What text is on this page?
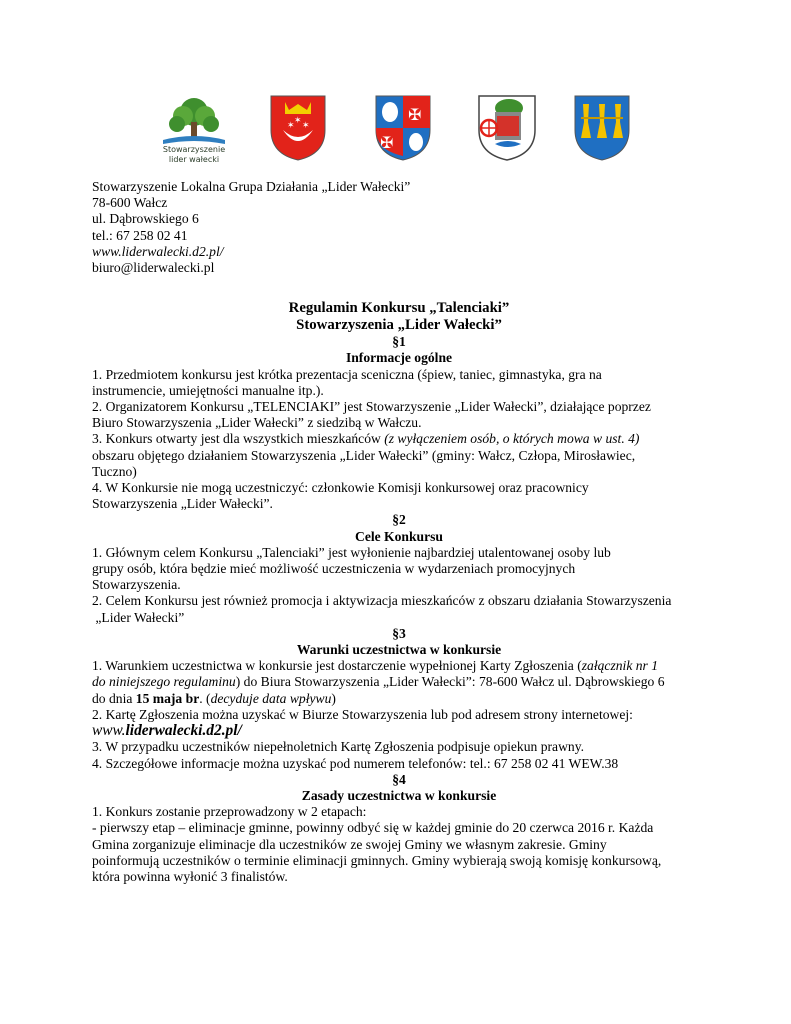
Stowarzyszenie
lider wałecki
✶ ✶
✶	✠
✠

Stowarzyszenie Lokalna Grupa Działania „Lider Wałecki”

78-600 Wałcz

ul. Dąbrowskiego 6

tel.: 67 258 02 41

www.liderwalecki.d2.pl/

biuro@liderwalecki.pl

Regulamin Konkursu „Talenciaki”

Stowarzyszenia „Lider Wałecki”

§1

Informacje ogólne

1. Przedmiotem konkursu jest krótka prezentacja sceniczna (śpiew, taniec, gimnastyka, gra na

instrumencie, umiejętności manualne itp.).

2. Organizatorem Konkursu „TELENCIAKI” jest Stowarzyszenie „Lider Wałecki”, działające poprzez

Biuro Stowarzyszenia „Lider Wałecki” z siedzibą w Wałczu.

3. Konkurs otwarty jest dla wszystkich mieszkańców (z wyłączeniem osób, o których mowa w ust. 4)

obszaru objętego działaniem Stowarzyszenia „Lider Wałecki” (gminy: Wałcz, Człopa, Mirosławiec,

Tuczno)

4. W Konkursie nie mogą uczestniczyć: członkowie Komisji konkursowej oraz pracownicy

Stowarzyszenia „Lider Wałecki”.

§2

Cele Konkursu

1. Głównym celem Konkursu „Talenciaki” jest wyłonienie najbardziej utalentowanej osoby lub

grupy osób, która będzie mieć możliwość uczestniczenia w wydarzeniach promocyjnych

Stowarzyszenia.

2. Celem Konkursu jest również promocja i aktywizacja mieszkańców z obszaru działania Stowarzyszenia

„Lider Wałecki”

§3

Warunki uczestnictwa w konkursie

1. Warunkiem uczestnictwa w konkursie jest dostarczenie wypełnionej Karty Zgłoszenia (załącznik nr 1

do niniejszego regulaminu) do Biura Stowarzyszenia „Lider Wałecki”: 78-600 Wałcz ul. Dąbrowskiego 6

do dnia 15 maja br. (decyduje data wpływu)

2. Kartę Zgłoszenia można uzyskać w Biurze Stowarzyszenia lub pod adresem strony internetowej:

www.liderwalecki.d2.pl/

3. W przypadku uczestników niepełnoletnich Kartę Zgłoszenia podpisuje opiekun prawny.

4. Szczegółowe informacje można uzyskać pod numerem telefonów: tel.: 67 258 02 41 WEW.38

§4

Zasady uczestnictwa w konkursie

1. Konkurs zostanie przeprowadzony w 2 etapach:

- pierwszy etap – eliminacje gminne, powinny odbyć się w każdej gminie do 20 czerwca 2016 r. Każda

Gmina zorganizuje eliminacje dla uczestników ze swojej Gminy we własnym zakresie. Gminy

poinformują uczestników o terminie eliminacji gminnych. Gminy wybierają swoją komisję konkursową,

która powinna wyłonić 3 finalistów.
